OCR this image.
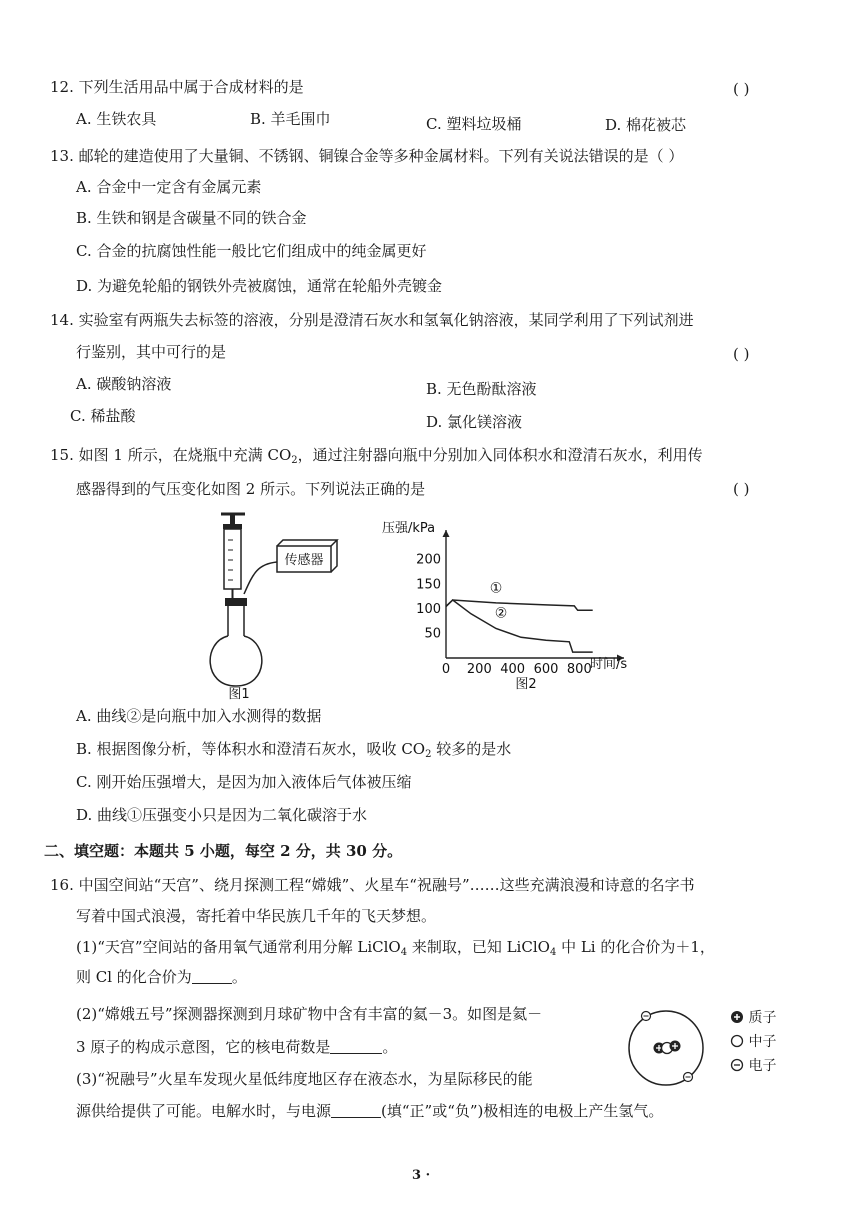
12. 下列生活用品中属于合成材料的是	( )
A. 生铁农具	B. 羊毛围巾	C. 塑料垃圾桶	D. 棉花被芯
13. 邮轮的建造使用了大量铜、不锈钢、铜镍合金等多种金属材料。下列有关说法错误的是（ ）
A. 合金中一定含有金属元素
B. 生铁和钢是含碳量不同的铁合金
C. 合金的抗腐蚀性能一般比它们组成中的纯金属更好
D. 为避免轮船的钢铁外壳被腐蚀，通常在轮船外壳镀金
14. 实验室有两瓶失去标签的溶液，分别是澄清石灰水和氢氧化钠溶液，某同学利用了下列试剂进
行鉴别，其中可行的是	( )
A. 碳酸钠溶液	B. 无色酚酞溶液
C. 稀盐酸	D. 氯化镁溶液
15. 如图 1 所示，在烧瓶中充满 $CO_2$，通过注射器向瓶中分别加入同体积水和澄清石灰水，利用传
感器得到的气压变化如图 2 所示。下列说法正确的是	( )
传感器
图1
0 200 400 600 800
50
100
150
200
①
②
压强/kPa
时间/s
图2
A. 曲线②是向瓶中加入水测得的数据
B. 根据图像分析，等体积水和澄清石灰水，吸收 $CO_2$ 较多的是水
C. 刚开始压强增大，是因为加入液体后气体被压缩
D. 曲线①压强变小只是因为二氧化碳溶于水
二、填空题：本题共 5 小题，每空 2 分，共 30 分。
16. 中国空间站“天宫”、绕月探测工程“嫦娥”、火星车“祝融号”……这些充满浪漫和诗意的名字书
写着中国式浪漫，寄托着中华民族几千年的飞天梦想。
(1)“天宫”空间站的备用氧气通常利用分解 LiClO$_4$ 来制取，已知 LiClO$_4$ 中 Li 的化合价为＋1，
则 Cl 的化合价为	。
(2)“嫦娥五号”探测器探测到月球矿物中含有丰富的氦－3。如图是氦－
3 原子的构成示意图，它的核电荷数是	。
(3)“祝融号”火星车发现火星低纬度地区存在液态水，为星际移民的能
源供给提供了可能。电解水时，与电源	(填“正”或“负”)极相连的电极上产生氢气。
质子
中子
电子
3 ·
